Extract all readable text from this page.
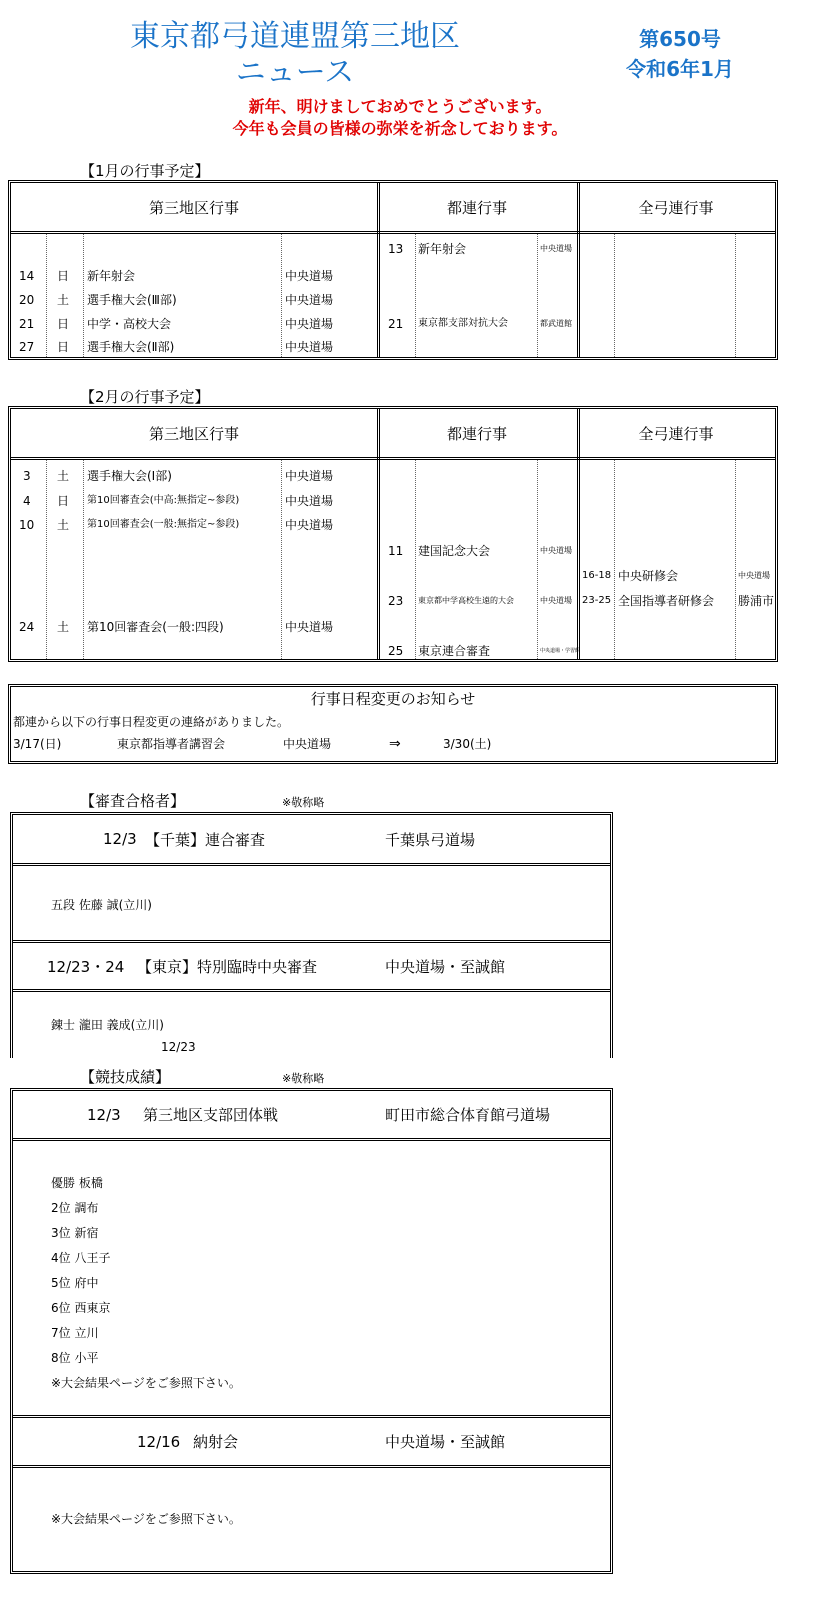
東京都弓道連盟第三地区
ニュース
第650号
令和6年1月
新年、明けましておめでとうございます。
今年も会員の皆様の弥栄を祈念しております。
【1月の行事予定】
第三地区行事	都連行事	全弓連行事
14 日 新年射会	中央道場
20 土 選手権大会(Ⅲ部)	中央道場
21 日 中学・高校大会	中央道場
27 日 選手権大会(Ⅱ部)	中央道場
13 新年射会	中央道場
21 東京都支部対抗大会	都武道館
【2月の行事予定】
第三地区行事	都連行事	全弓連行事
3 土 選手権大会(Ⅰ部)	中央道場
4 日 第10回審査会(中高:無指定~参段)	中央道場
10 土 第10回審査会(一般:無指定~参段)	中央道場
24 土 第10回審査会(一般:四段)	中央道場
11 建国記念大会	中央道場
23 東京都中学高校生遠的大会	中央道場
25 東京連合審査	中央道場・学習館
16-18 中央研修会	中央道場
23-25 全国指導者研修会 勝浦市
行事日程変更のお知らせ
都連から以下の行事日程変更の連絡がありました。
3/17(日)	東京都指導者講習会	中央道場	⇒	3/30(土)
【審査合格者】	※敬称略
12/3 【千葉】連合審査	千葉県弓道場
五段 佐藤 誠(立川)
12/23・24 【東京】特別臨時中央審査	中央道場・至誠館
錬士 瀧田 義成(立川)
12/23
【競技成績】	※敬称略
12/3 第三地区支部団体戦	町田市総合体育館弓道場
優勝 板橋
2位 調布
3位 新宿
4位 八王子
5位 府中
6位 西東京
7位 立川
8位 小平
※大会結果ページをご参照下さい。
12/16 納射会	中央道場・至誠館
※大会結果ページをご参照下さい。
